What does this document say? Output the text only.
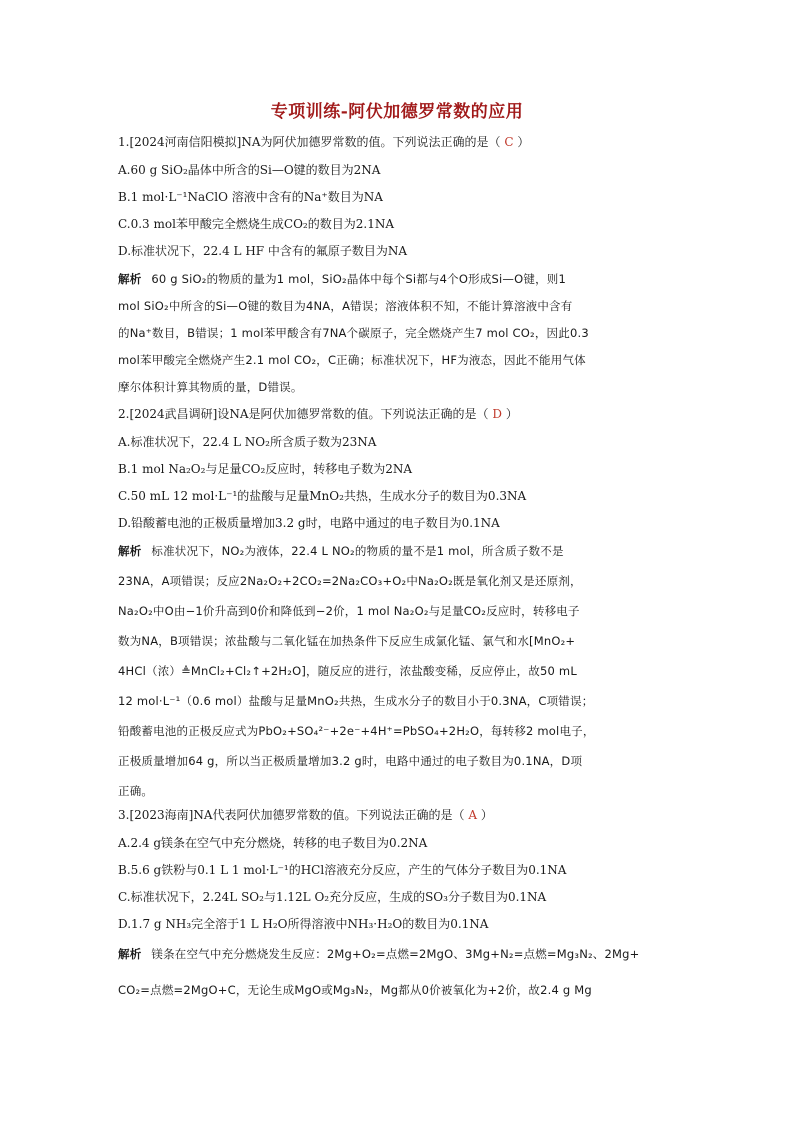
专项训练-阿伏加德罗常数的应用
1.[2024河南信阳模拟]NA为阿伏加德罗常数的值。下列说法正确的是（ C ）
A.60 g SiO₂晶体中所含的Si—O键的数目为2NA
B.1 mol·L⁻¹NaClO 溶液中含有的Na⁺数目为NA
C.0.3 mol苯甲酸完全燃烧生成CO₂的数目为2.1NA
D.标准状况下，22.4 L HF 中含有的氟原子数目为NA
解析 60 g SiO₂的物质的量为1 mol，SiO₂晶体中每个Si都与4个O形成Si—O键，则1
mol SiO₂中所含的Si—O键的数目为4NA，A错误；溶液体积不知，不能计算溶液中含有
的Na⁺数目，B错误；1 mol苯甲酸含有7NA个碳原子，完全燃烧产生7 mol CO₂，因此0.3
mol苯甲酸完全燃烧产生2.1 mol CO₂，C正确；标准状况下，HF为液态，因此不能用气体
摩尔体积计算其物质的量，D错误。
2.[2024武昌调研]设NA是阿伏加德罗常数的值。下列说法正确的是（ D ）
A.标准状况下，22.4 L NO₂所含质子数为23NA
B.1 mol Na₂O₂与足量CO₂反应时，转移电子数为2NA
C.50 mL 12 mol·L⁻¹的盐酸与足量MnO₂共热，生成水分子的数目为0.3NA
D.铅酸蓄电池的正极质量增加3.2 g时，电路中通过的电子数目为0.1NA
解析 标准状况下，NO₂为液体，22.4 L NO₂的物质的量不是1 mol，所含质子数不是
23NA，A项错误；反应2Na₂O₂+2CO₂=2Na₂CO₃+O₂中Na₂O₂既是氧化剂又是还原剂，
Na₂O₂中O由−1价升高到0价和降低到−2价，1 mol Na₂O₂与足量CO₂反应时，转移电子
数为NA，B项错误；浓盐酸与二氧化锰在加热条件下反应生成氯化锰、氯气和水[MnO₂+
4HCl（浓）≜MnCl₂+Cl₂↑+2H₂O]，随反应的进行，浓盐酸变稀，反应停止，故50 mL
12 mol·L⁻¹（0.6 mol）盐酸与足量MnO₂共热，生成水分子的数目小于0.3NA，C项错误；
铅酸蓄电池的正极反应式为PbO₂+SO₄²⁻+2e⁻+4H⁺=PbSO₄+2H₂O，每转移2 mol电子，
正极质量增加64 g，所以当正极质量增加3.2 g时，电路中通过的电子数目为0.1NA，D项
正确。
3.[2023海南]NA代表阿伏加德罗常数的值。下列说法正确的是（ A ）
A.2.4 g镁条在空气中充分燃烧，转移的电子数目为0.2NA
B.5.6 g铁粉与0.1 L 1 mol·L⁻¹的HCl溶液充分反应，产生的气体分子数目为0.1NA
C.标准状况下，2.24L SO₂与1.12L O₂充分反应，生成的SO₃分子数目为0.1NA
D.1.7 g NH₃完全溶于1 L H₂O所得溶液中NH₃·H₂O的数目为0.1NA
解析 镁条在空气中充分燃烧发生反应：2Mg+O₂=点燃=2MgO、3Mg+N₂=点燃=Mg₃N₂、2Mg+
CO₂=点燃=2MgO+C，无论生成MgO或Mg₃N₂，Mg都从0价被氧化为+2价，故2.4 g Mg
